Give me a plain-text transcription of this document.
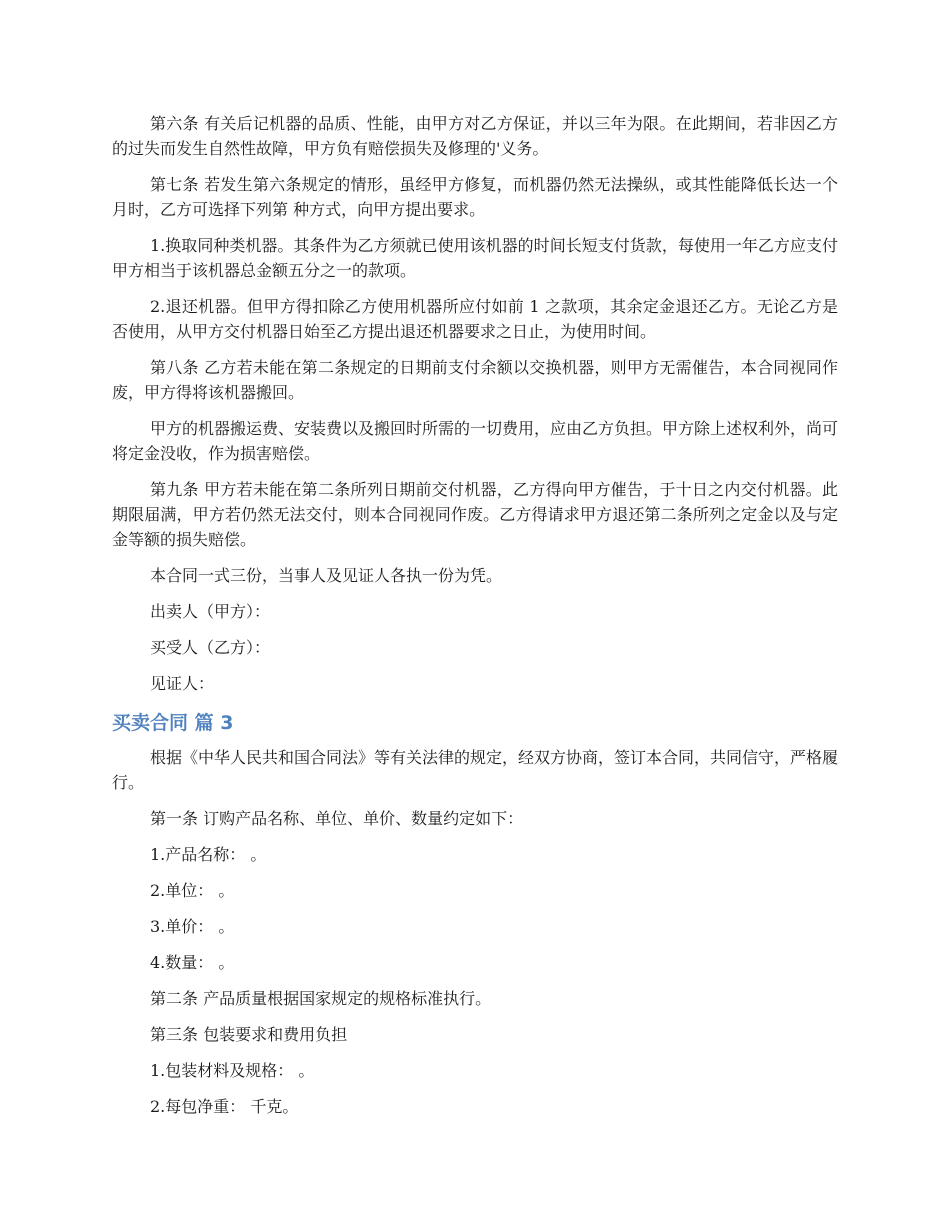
第六条 有关后记机器的品质、性能，由甲方对乙方保证，并以三年为限。在此期间，若非因乙方的过失而发生自然性故障，甲方负有赔偿损失及修理的'义务。

第七条 若发生第六条规定的情形，虽经甲方修复，而机器仍然无法操纵，或其性能降低长达一个月时，乙方可选择下列第 种方式，向甲方提出要求。

1.换取同种类机器。其条件为乙方须就已使用该机器的时间长短支付货款，每使用一年乙方应支付甲方相当于该机器总金额五分之一的款项。

2.退还机器。但甲方得扣除乙方使用机器所应付如前 1 之款项，其余定金退还乙方。无论乙方是否使用，从甲方交付机器日始至乙方提出退还机器要求之日止，为使用时间。

第八条 乙方若未能在第二条规定的日期前支付余额以交换机器，则甲方无需催告，本合同视同作废，甲方得将该机器搬回。

甲方的机器搬运费、安装费以及搬回时所需的一切费用，应由乙方负担。甲方除上述权利外，尚可将定金没收，作为损害赔偿。

第九条 甲方若未能在第二条所列日期前交付机器，乙方得向甲方催告，于十日之内交付机器。此期限届满，甲方若仍然无法交付，则本合同视同作废。乙方得请求甲方退还第二条所列之定金以及与定金等额的损失赔偿。

本合同一式三份，当事人及见证人各执一份为凭。

出卖人（甲方）：

买受人（乙方）：

见证人：

买卖合同 篇 3

根据《中华人民共和国合同法》等有关法律的规定，经双方协商，签订本合同，共同信守，严格履行。

第一条 订购产品名称、单位、单价、数量约定如下：

1.产品名称： 。

2.单位： 。

3.单价： 。

4.数量： 。

第二条 产品质量根据国家规定的规格标准执行。

第三条 包装要求和费用负担

1.包装材料及规格： 。

2.每包净重： 千克。
